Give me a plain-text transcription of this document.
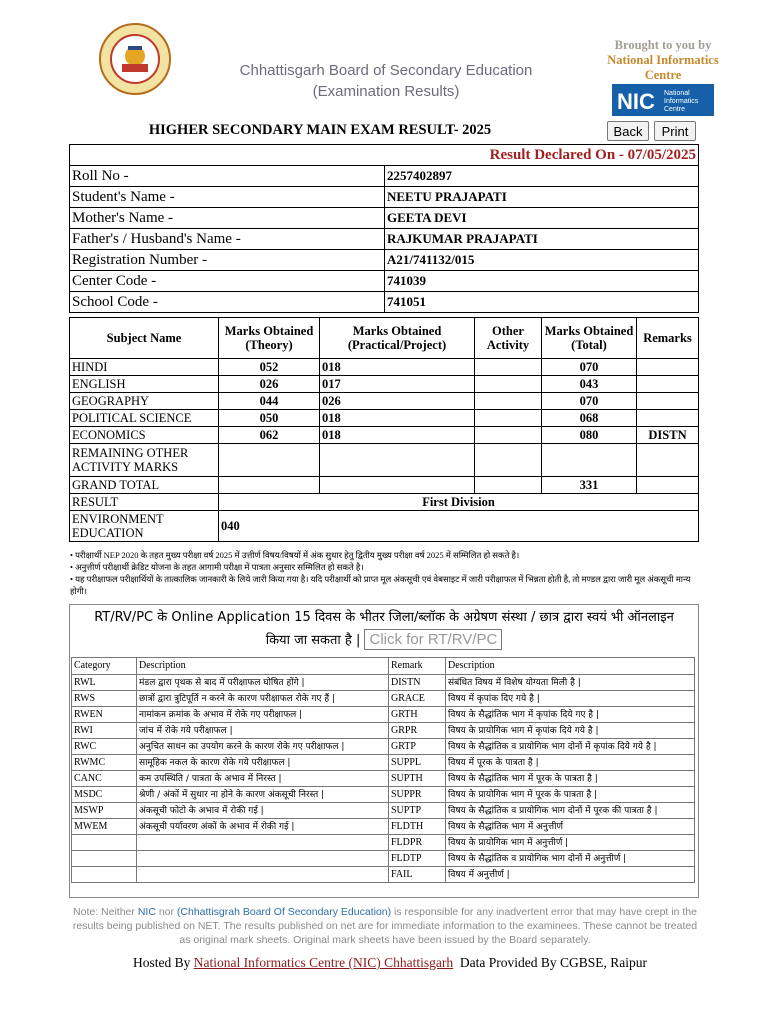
Chhattisgarh Board of Secondary Education
(Examination Results)
Brought to you by
National Informatics
Centre
NIC National
Informatics
Centre
HIGHER SECONDARY MAIN EXAM RESULT- 2025	Back	Print
Result Declared On - 07/05/2025	
Roll No -	2257402897
Student's Name -	NEETU PRAJAPATI
Mother's Name -	GEETA DEVI
Father's / Husband's Name -	RAJKUMAR PRAJAPATI
Registration Number -	A21/741132/015
Center Code -	741039
School Code -	741051
Subject Name	Marks Obtained (Theory)	Marks Obtained (Practical/Project)	Other Activity	Marks Obtained (Total)	Remarks
HINDI	052	018		070	
ENGLISH	026	017		043	
GEOGRAPHY	044	026		070	
POLITICAL SCIENCE	050	018		068	
ECONOMICS	062	018		080	DISTN
REMAINING OTHER ACTIVITY MARKS					
GRAND TOTAL				331	
RESULT	First Division				
ENVIRONMENT EDUCATION	040				
• परीक्षार्थी NEP 2020 के तहत मुख्य परीक्षा वर्ष 2025 में उत्तीर्ण विषय/विषयों में अंक सुधार हेतु द्वितीय मुख्य परीक्षा वर्ष 2025 में सम्मिलित हो सकते है।
• अनुत्तीर्ण परीक्षार्थी क्रेडिट योजना के तहत आगामी परीक्षा में पात्रता अनुसार सम्मिलित हो सकते है।
• यह परीक्षाफल परीक्षार्थियों के तात्कालिक जानकारी के लिये जारी किया गया है। यदि परीक्षार्थी को प्राप्त मूल अंकसूची एवं वेबसाइट में जारी परीक्षाफल में भिन्नता होती है, तो मण्डल द्वारा जारी मूल अंकसूची मान्य होगी।
RT/RV/PC के Online Application 15 दिवस के भीतर जिला/ब्लॉक के अग्रेषण संस्था / छात्र द्वारा स्वयं भी ऑनलाइन
किया जा सकता है | Click for RT/RV/PC
Category	Description	Remark	Description
RWL	मंडल द्वारा पृथक से बाद में परीक्षाफल घोषित होंगे |	DISTN	संबंधित विषय में विशेष योग्यता मिली है |
RWS	छात्रों द्वारा त्रुटिपूर्ति न करने के कारण परीक्षाफल रोके गए हैं |	GRACE	विषय में कृपांक दिए गये है |
RWEN	नामांकन क्रमांक के अभाव में रोके गए परीक्षाफल |	GRTH	विषय के सैद्धांतिक भाग में कृपांक दिये गए है |
RWI	जांच में रोके गये परीक्षाफल |	GRPR	विषय के प्रायोगिक भाग में कृपांक दिये गये है |
RWC	अनुचित साधन का उपयोग करने के कारण रोके गए परीक्षाफल |	GRTP	विषय के सैद्धांतिक व प्रायोगिक भाग दोनों में कृपांक दिये गये है |
RWMC	सामूहिक नकल के कारण रोके गये परीक्षाफल |	SUPPL	विषय में पूरक के पात्रता है |
CANC	कम उपस्थिति / पात्रता के अभाव में निरस्त |	SUPTH	विषय के सैद्धांतिक भाग में पूरक के पात्रता है |
MSDC	श्रेणी / अंकों में सुधार ना होने के कारण अंकसूची निरस्त |	SUPPR	विषय के प्रायोगिक भाग में पूरक के पात्रता है |
MSWP	अंकसूची फोटो के अभाव में रोकी गई |	SUPTP	विषय के सैद्धांतिक व प्रायोगिक भाग दोनों में पूरक की पात्रता है |
MWEM	अंकसूची पर्यावरण अंकों के अभाव में रोकी गई |	FLDTH	विषय के सैद्धांतिक भाग में अनुत्तीर्ण
		FLDPR	विषय के प्रायोगिक भाग में अनुत्तीर्ण |
		FLDTP	विषय के सैद्धांतिक व प्रायोगिक भाग दोनों में अनुत्तीर्ण |
		FAIL	विषय में अनुत्तीर्ण |
Note: Neither NIC nor (Chhattisgrah Board Of Secondary Education) is responsible for any inadvertent error that may have crept in the results being published on NET. The results published on net are for immediate information to the examinees. These cannot be treated as original mark sheets. Original mark sheets have been issued by the Board separately.
Hosted By National Informatics Centre (NIC) Chhattisgarh  Data Provided By CGBSE, Raipur
